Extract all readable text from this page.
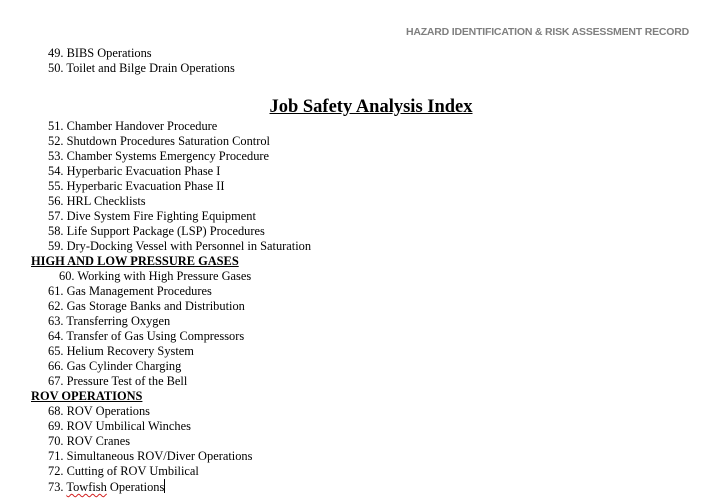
HAZARD IDENTIFICATION & RISK ASSESSMENT RECORD
49. BIBS Operations
50. Toilet and Bilge Drain Operations
Job Safety Analysis Index
51. Chamber Handover Procedure
52. Shutdown Procedures Saturation Control
53. Chamber Systems Emergency Procedure
54. Hyperbaric Evacuation Phase I
55. Hyperbaric Evacuation Phase II
56. HRL Checklists
57. Dive System Fire Fighting Equipment
58. Life Support Package (LSP) Procedures
59. Dry-Docking Vessel with Personnel in Saturation
HIGH AND LOW PRESSURE GASES
60. Working with High Pressure Gases
61. Gas Management Procedures
62. Gas Storage Banks and Distribution
63. Transferring Oxygen
64. Transfer of Gas Using Compressors
65. Helium Recovery System
66. Gas Cylinder Charging
67. Pressure Test of the Bell
ROV OPERATIONS
68. ROV Operations
69. ROV Umbilical Winches
70. ROV Cranes
71. Simultaneous ROV/Diver Operations
72. Cutting of ROV Umbilical
73. Towfish Operations
